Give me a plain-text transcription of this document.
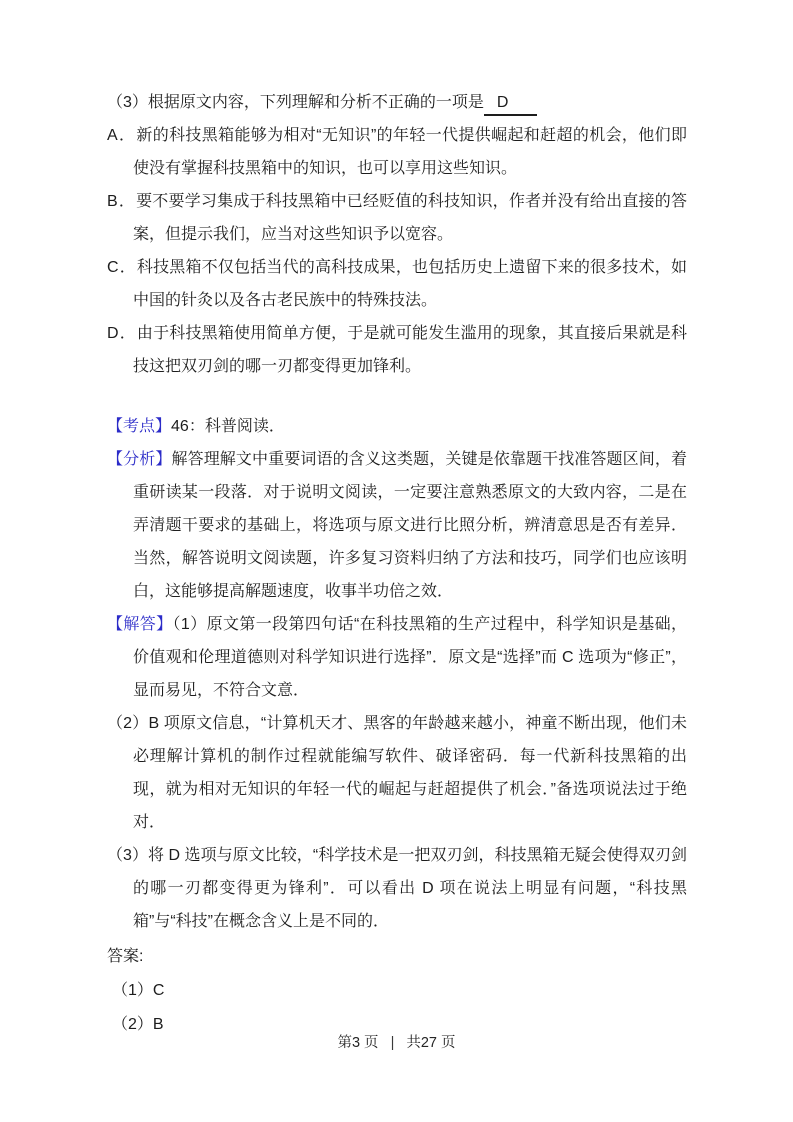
（3）根据原文内容，下列理解和分析不正确的一项是 D

A．新的科技黑箱能够为相对“无知识”的年轻一代提供崛起和赶超的机会，他们即使没有掌握科技黑箱中的知识，也可以享用这些知识。

B．要不要学习集成于科技黑箱中已经贬值的科技知识，作者并没有给出直接的答案，但提示我们，应当对这些知识予以宽容。

C．科技黑箱不仅包括当代的高科技成果，也包括历史上遗留下来的很多技术，如中国的针灸以及各古老民族中的特殊技法。

D．由于科技黑箱使用简单方便，于是就可能发生滥用的现象，其直接后果就是科技这把双刃剑的哪一刃都变得更加锋利。

【考点】46：科普阅读．

【分析】解答理解文中重要词语的含义这类题，关键是依靠题干找准答题区间，着重研读某一段落．对于说明文阅读，一定要注意熟悉原文的大致内容，二是在弄清题干要求的基础上，将选项与原文进行比照分析，辨清意思是否有差异．当然，解答说明文阅读题，许多复习资料归纳了方法和技巧，同学们也应该明白，这能够提高解题速度，收事半功倍之效．

【解答】（1）原文第一段第四句话“在科技黑箱的生产过程中，科学知识是基础，价值观和伦理道德则对科学知识进行选择”．原文是“选择”而 C 选项为“修正”，显而易见，不符合文意．

（2）B 项原文信息，“计算机天才、黑客的年龄越来越小，神童不断出现，他们未必理解计算机的制作过程就能编写软件、破译密码．每一代新科技黑箱的出现，就为相对无知识的年轻一代的崛起与赶超提供了机会．”备选项说法过于绝对．

（3）将 D 选项与原文比较，“科学技术是一把双刃剑，科技黑箱无疑会使得双刃剑的哪一刃都变得更为锋利”．可以看出 D 项在说法上明显有问题，“科技黑箱”与“科技”在概念含义上是不同的．

答案:

（1）C

（2）B

第3 页 | 共27 页
